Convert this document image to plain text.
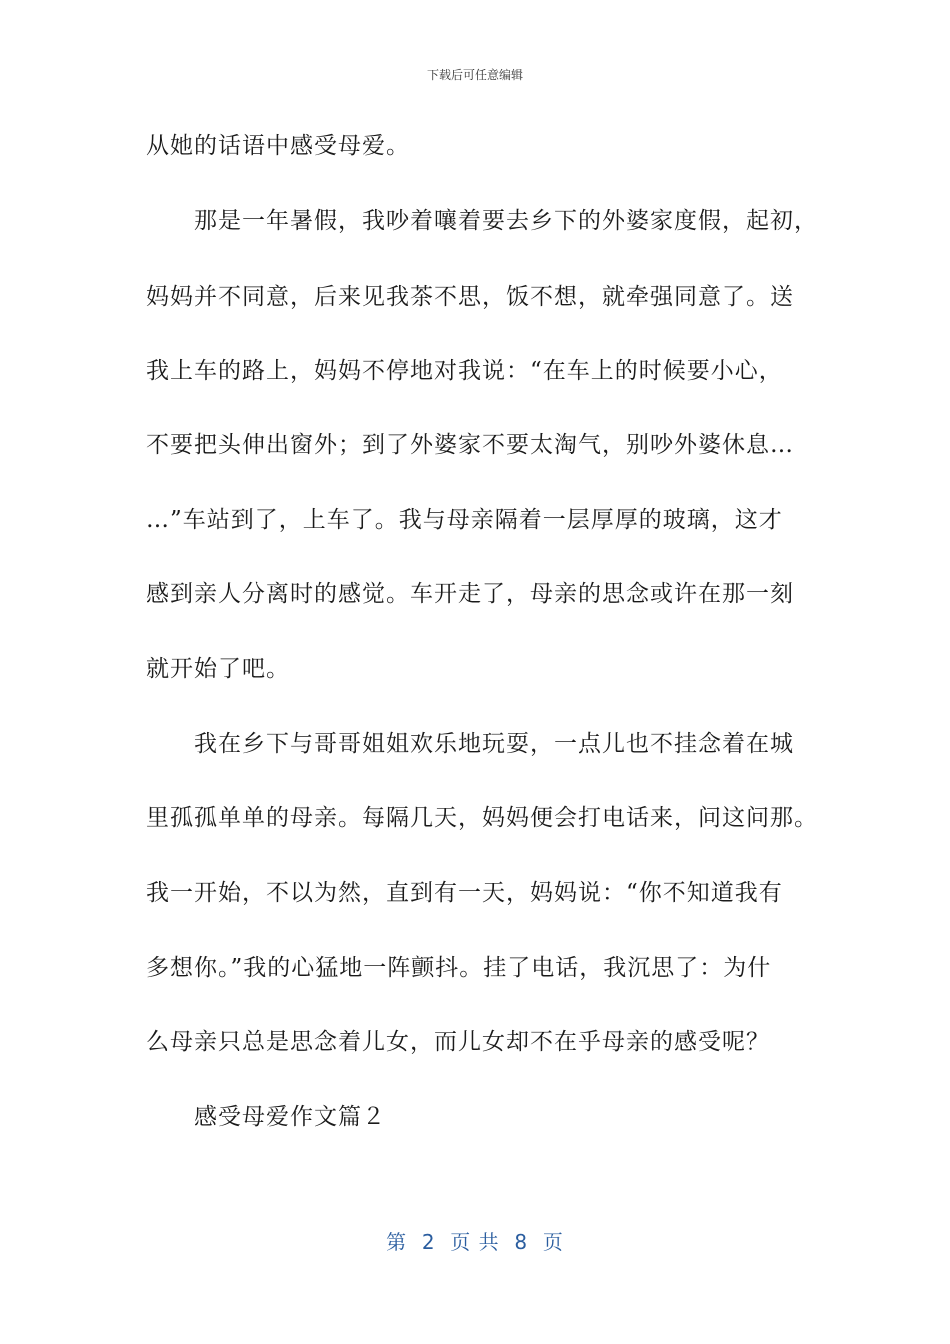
下载后可任意编辑
从她的话语中感受母爱。
　　那是一年暑假，我吵着嚷着要去乡下的外婆家度假，起初，
妈妈并不同意，后来见我茶不思，饭不想，就牵强同意了。送
我上车的路上，妈妈不停地对我说：“在车上的时候要小心，
不要把头伸出窗外；到了外婆家不要太淘气，别吵外婆休息…
…”车站到了，上车了。我与母亲隔着一层厚厚的玻璃，这才
感到亲人分离时的感觉。车开走了，母亲的思念或许在那一刻
就开始了吧。
　　我在乡下与哥哥姐姐欢乐地玩耍，一点儿也不挂念着在城
里孤孤单单的母亲。每隔几天，妈妈便会打电话来，问这问那。
我一开始，不以为然，直到有一天，妈妈说：“你不知道我有
多想你。”我的心猛地一阵颤抖。挂了电话，我沉思了：为什
么母亲只总是思念着儿女，而儿女却不在乎母亲的感受呢？
　　感受母爱作文篇２
第  2  页 共  8  页
